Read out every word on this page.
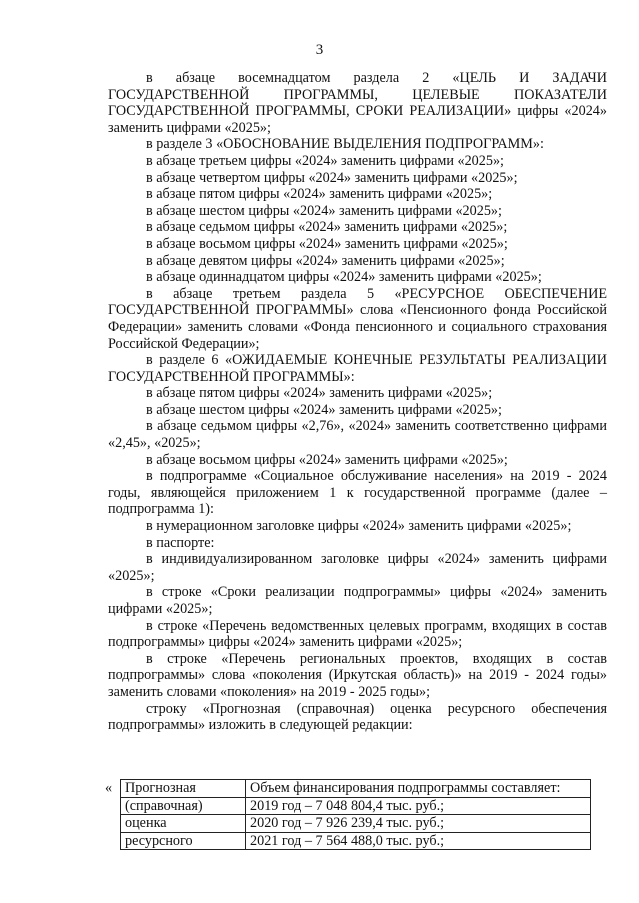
3

в абзаце восемнадцатом раздела 2 «ЦЕЛЬ И ЗАДАЧИ ГОСУДАРСТВЕННОЙ ПРОГРАММЫ, ЦЕЛЕВЫЕ ПОКАЗАТЕЛИ ГОСУДАРСТВЕННОЙ ПРОГРАММЫ, СРОКИ РЕАЛИЗАЦИИ» цифры «2024» заменить цифрами «2025»;

в разделе 3 «ОБОСНОВАНИЕ ВЫДЕЛЕНИЯ ПОДПРОГРАММ»:

в абзаце третьем цифры «2024» заменить цифрами «2025»;

в абзаце четвертом цифры «2024» заменить цифрами «2025»;

в абзаце пятом цифры «2024» заменить цифрами «2025»;

в абзаце шестом цифры «2024» заменить цифрами «2025»;

в абзаце седьмом цифры «2024» заменить цифрами «2025»;

в абзаце восьмом цифры «2024» заменить цифрами «2025»;

в абзаце девятом цифры «2024» заменить цифрами «2025»;

в абзаце одиннадцатом цифры «2024» заменить цифрами «2025»;

в абзаце третьем раздела 5 «РЕСУРСНОЕ ОБЕСПЕЧЕНИЕ ГОСУДАРСТВЕННОЙ ПРОГРАММЫ» слова «Пенсионного фонда Российской Федерации» заменить словами «Фонда пенсионного и социального страхования Российской Федерации»;

в разделе 6 «ОЖИДАЕМЫЕ КОНЕЧНЫЕ РЕЗУЛЬТАТЫ РЕАЛИЗАЦИИ ГОСУДАРСТВЕННОЙ ПРОГРАММЫ»:

в абзаце пятом цифры «2024» заменить цифрами «2025»;

в абзаце шестом цифры «2024» заменить цифрами «2025»;

в абзаце седьмом цифры «2,76», «2024» заменить соответственно цифрами «2,45», «2025»;

в абзаце восьмом цифры «2024» заменить цифрами «2025»;

в подпрограмме «Социальное обслуживание населения» на 2019 - 2024 годы, являющейся приложением 1 к государственной программе (далее – подпрограмма 1):

в нумерационном заголовке цифры «2024» заменить цифрами «2025»;

в паспорте:

в индивидуализированном заголовке цифры «2024» заменить цифрами «2025»;

в строке «Сроки реализации подпрограммы» цифры «2024» заменить цифрами «2025»;

в строке «Перечень ведомственных целевых программ, входящих в состав подпрограммы» цифры «2024» заменить цифрами «2025»;

в строке «Перечень региональных проектов, входящих в состав подпрограммы» слова «поколения (Иркутская область)» на 2019 - 2024 годы» заменить словами «поколения» на 2019 - 2025 годы»;

строку «Прогнозная (справочная) оценка ресурсного обеспечения подпрограммы» изложить в следующей редакции:

« Прогнозная	Объем финансирования подпрограммы составляет:
(справочная)	2019 год – 7 048 804,4 тыс. руб.;
оценка	2020 год – 7 926 239,4 тыс. руб.;
ресурсного	2021 год – 7 564 488,0 тыс. руб.;
